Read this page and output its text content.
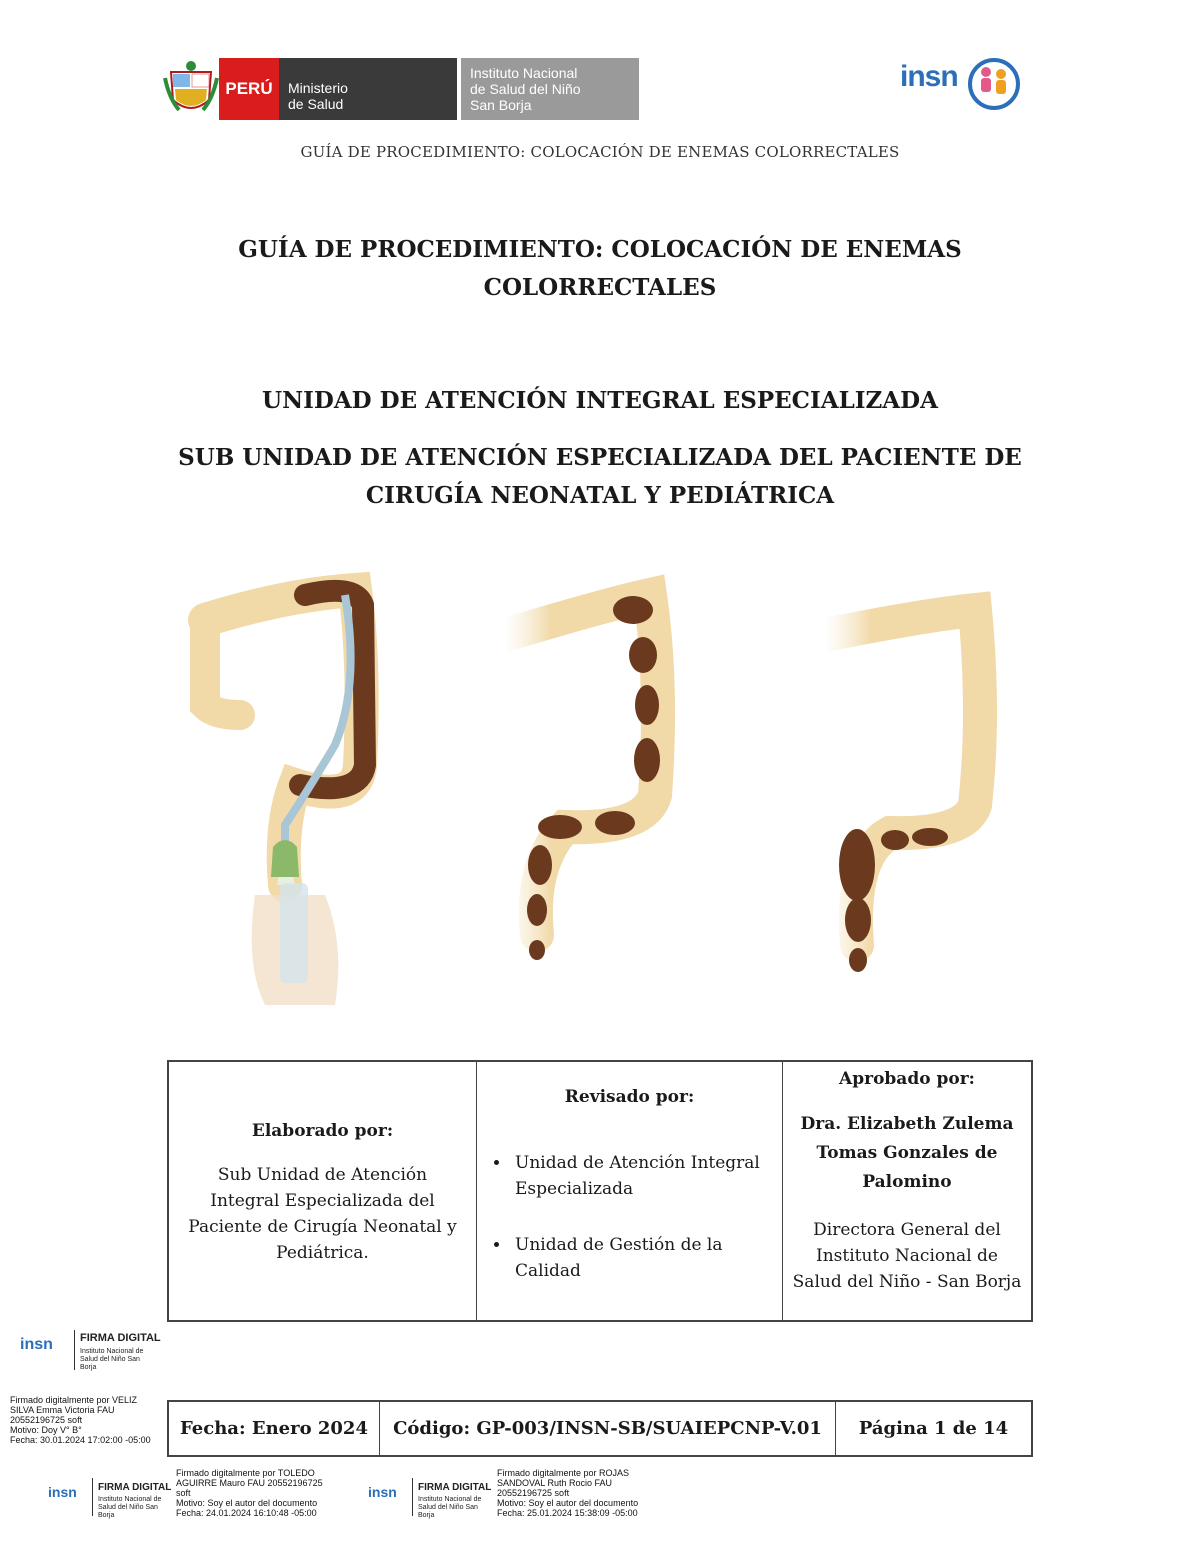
PERÚ	Ministerio
de Salud
Instituto Nacional
de Salud del Niño
San Borja
insn

GUÍA DE PROCEDIMIENTO: COLOCACIÓN DE ENEMAS COLORRECTALES
GUÍA DE PROCEDIMIENTO: COLOCACIÓN DE ENEMAS
COLORRECTALES
UNIDAD DE ATENCIÓN INTEGRAL ESPECIALIZADA
SUB UNIDAD DE ATENCIÓN ESPECIALIZADA DEL PACIENTE DE
CIRUGÍA NEONATAL Y PEDIÁTRICA
Elaborado por:
Sub Unidad de Atención Integral Especializada del Paciente de Cirugía Neonatal y Pediátrica.
Revisado por:
• Unidad de Atención Integral Especializada
• Unidad de Gestión de la Calidad
Aprobado por:
Dra. Elizabeth Zulema Tomas Gonzales de Palomino
Directora General del Instituto Nacional de Salud del Niño - San Borja
insn FIRMA DIGITAL
Instituto Nacional de Salud del Niño San Borja
Firmado digitalmente por VELIZ
SILVA Emma Victoria FAU
20552196725 soft
Motivo: Doy V° B°
Fecha: 30.01.2024 17:02:00 -05:00
Fecha: Enero 2024	Código: GP-003/INSN-SB/SUAIEPCNP-V.01	Página 1 de 14
insn FIRMA DIGITAL
Instituto Nacional de Salud del Niño San Borja
Firmado digitalmente por TOLEDO
AGUIRRE Mauro FAU 20552196725
soft
Motivo: Soy el autor del documento
Fecha: 24.01.2024 16:10:48 -05:00
insn FIRMA DIGITAL
Instituto Nacional de Salud del Niño San Borja
Firmado digitalmente por ROJAS
SANDOVAL Ruth Rocio FAU
20552196725 soft
Motivo: Soy el autor del documento
Fecha: 25.01.2024 15:38:09 -05:00
